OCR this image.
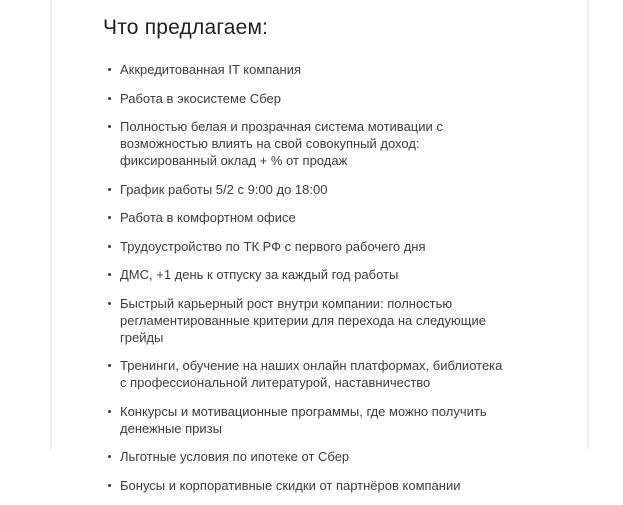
Что предлагаем:
Аккредитованная IT компания
Работа в экосистеме Сбер
Полностью белая и прозрачная система мотивации с возможностью влиять на свой совокупный доход: фиксированный оклад + % от продаж
График работы 5/2 с 9:00 до 18:00
Работа в комфортном офисе
Трудоустройство по ТК РФ с первого рабочего дня
ДМС, +1 день к отпуску за каждый год работы
Быстрый карьерный рост внутри компании: полностью регламентированные критерии для перехода на следующие грейды
Тренинги, обучение на наших онлайн платформах, библиотека с профессиональной литературой, наставничество
Конкурсы и мотивационные программы, где можно получить денежные призы
Льготные условия по ипотеке от Сбер
Бонусы и корпоративные скидки от партнёров компании
